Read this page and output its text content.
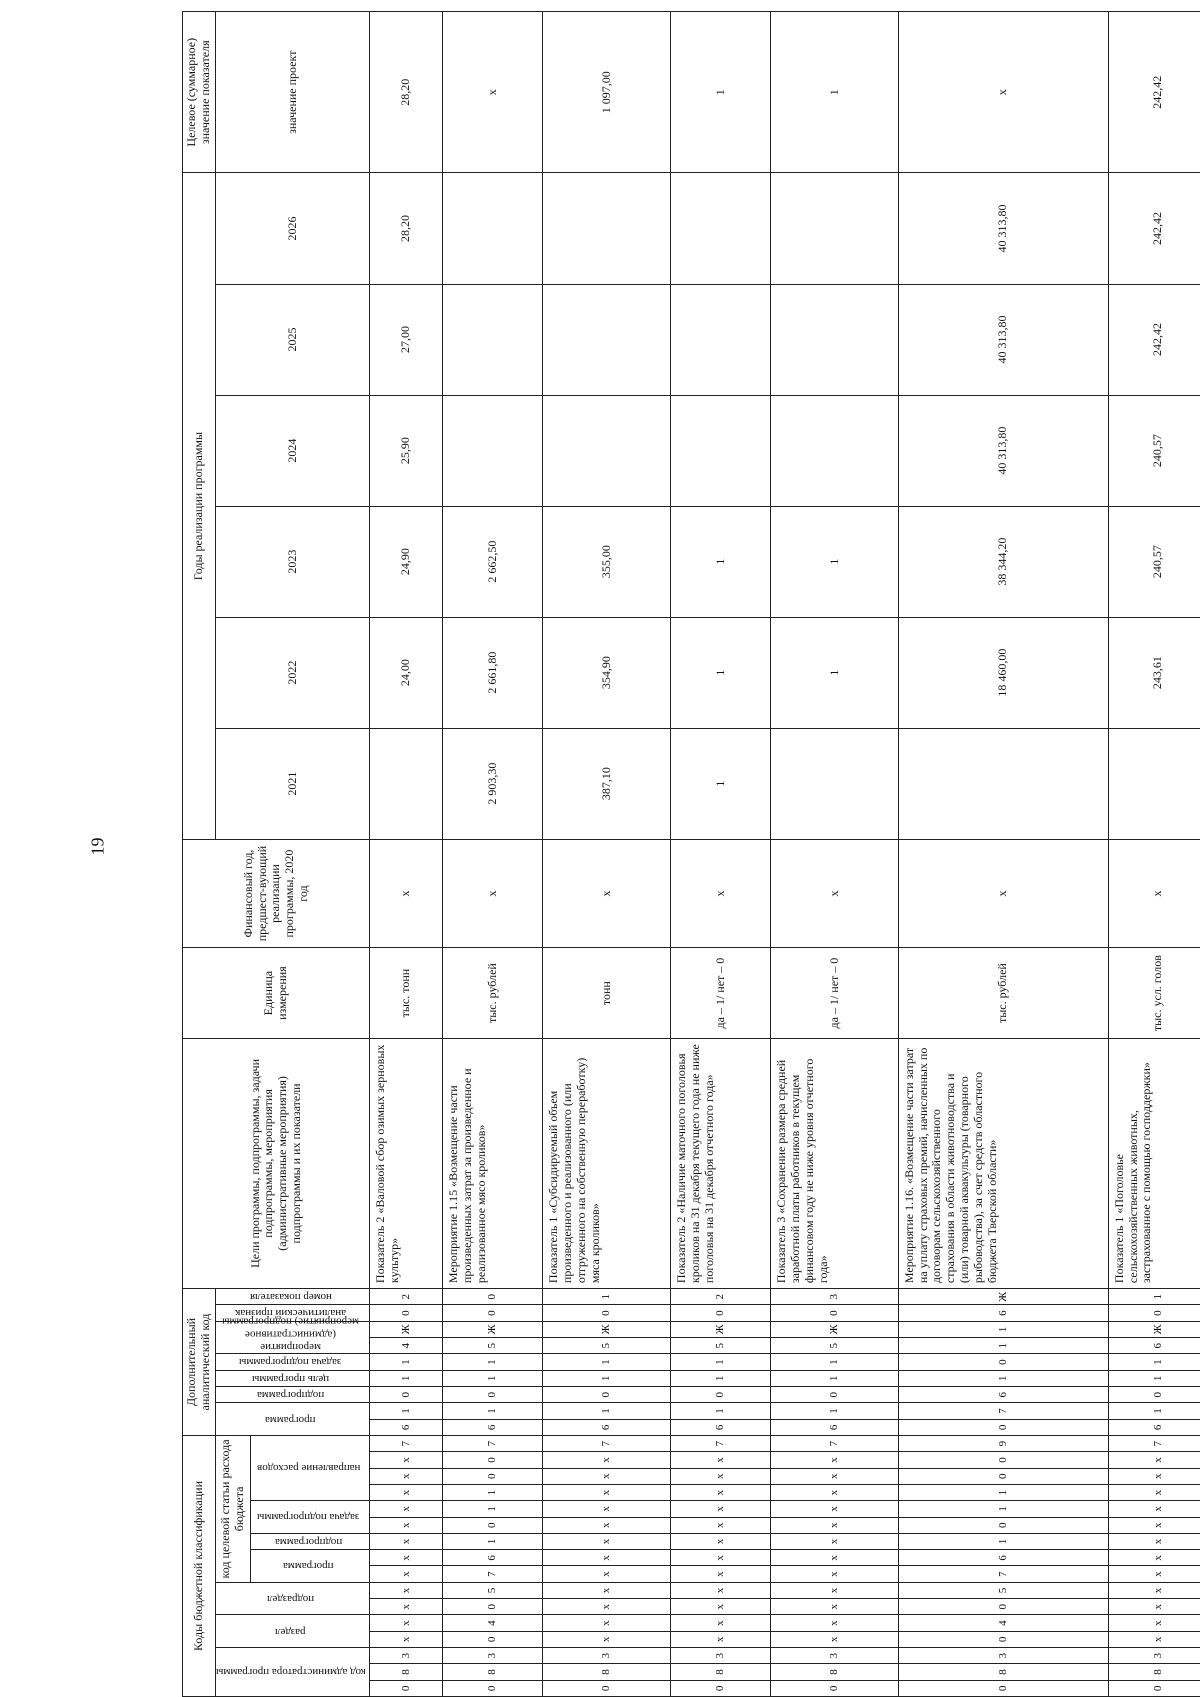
19
Коды бюджетной классификации																Дополнительный аналитический код									Цели программы, подпрограммы, задачи подпрограммы, мероприятия (административные мероприятия) подпрограммы и их показатели	Единица измерения	Финансовый год, предшест-вующий реализации программы, 2020 год	Годы реализации программы						Целевое (суммарное) значение показателя
код администратора программы			раздел		подраздел		код целевой статьи расхода бюджета									программа		подпрограмма	цель программы	задача подпрограммы	мероприятие (административное мероприятие) подпрограммы		аналитический признак	номер показателя				2021	2022	2023	2024	2025	2026	значение проект
							программа		подпрограмма	задача подпрограммы		направление расходов																						
0	8	3	х	х	х	х	х	х	х	х	х	х	х	х	7	6	1	0	1	1	4	Ж	0	2	Показатель 2 «Валовой сбор озимых зерновых культур»	тыс. тонн	х		24,00	24,90	25,90	27,00	28,20	28,20
0	8	3	0	4	0	5	7	6	1	0	1	1	0	0	7	6	1	0	1	1	5	Ж	0	0	Мероприятие 1.15 «Возмещение части произведенных затрат за произведенное и реализованное мясо кроликов»	тыс. рублей	х	2 903,30	2 661,80	2 662,50				х
0	8	3	х	х	х	х	х	х	х	х	х	х	х	х	7	6	1	0	1	1	5	Ж	0	1	Показатель 1 «Субсидируемый объем произведенного и реализованного (или отгруженного на собственную переработку) мяса кроликов»	тонн	х	387,10	354,90	355,00				1 097,00
0	8	3	х	х	х	х	х	х	х	х	х	х	х	х	7	6	1	0	1	1	5	Ж	0	2	Показатель 2 «Наличие маточного поголовья кроликов на 31 декабря текущего года не ниже поголовья на 31 декабря отчетного года»	да – 1/ нет – 0	х	1	1	1				1
0	8	3	х	х	х	х	х	х	х	х	х	х	х	х	7	6	1	0	1	1	5	Ж	0	3	Показатель 3 «Сохранение размера средней заработной платы работников в текущем финансовом году не ниже уровня отчетного года»	да – 1/ нет – 0	х		1	1				1
0	8	3	0	4	0	5	7	6	1	0	1	1	0	0	9	0	7	6	1	0	1	1	6	Ж	Мероприятие 1.16. «Возмещение части затрат на уплату страховых премий, начисленных по договорам сельскохозяйственного страхования в области животноводства и (или) товарной аквакультуры (товарного рыбоводства), за счет средств областного бюджета Тверской области»	тыс. рублей	х		18 460,00	38 344,20	40 313,80	40 313,80	40 313,80	х
0	8	3	х	х	х	х	х	х	х	х	х	х	х	х	7	6	1	0	1	1	6	Ж	0	1	Показатель 1 «Поголовье сельскохозяйственных животных, застрахованное с помощью господдержки»	тыс. усл. голов	х		243,61	240,57	240,57	242,42	242,42	242,42
